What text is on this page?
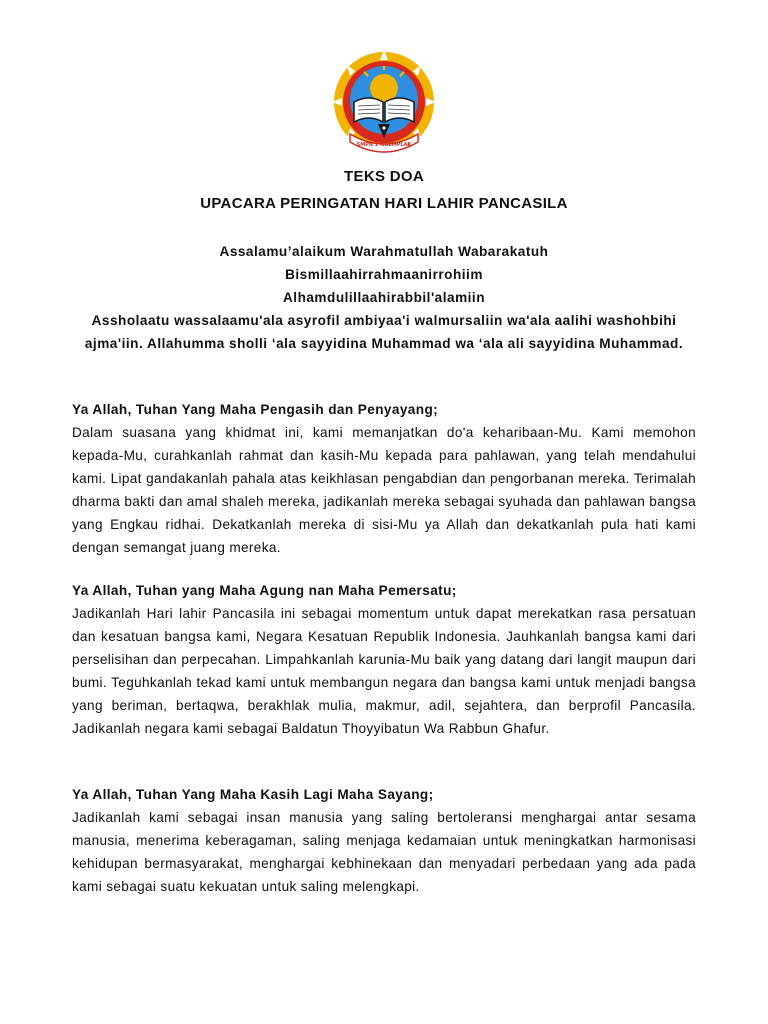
SMPN 2 NGEMPLAK
TEKS DOA
UPACARA PERINGATAN HARI LAHIR PANCASILA

Assalamu’alaikum Warahmatullah Wabarakatuh

Bismillaahirrahmaanirrohiim

Alhamdulillaahirabbil'alamiin

Assholaatu wassalaamu'ala asyrofil ambiyaa'i walmursaliin wa'ala aalihi washohbihi ajma'iin. Allahumma sholli ‘ala sayyidina Muhammad wa ‘ala ali sayyidina Muhammad.

Ya Allah, Tuhan Yang Maha Pengasih dan Penyayang;

Dalam suasana yang khidmat ini, kami memanjatkan do'a keharibaan-Mu. Kami memohon kepada-Mu, curahkanlah rahmat dan kasih-Mu kepada para pahlawan, yang telah mendahului kami. Lipat gandakanlah pahala atas keikhlasan pengabdian dan pengorbanan mereka. Terimalah dharma bakti dan amal shaleh mereka, jadikanlah mereka sebagai syuhada dan pahlawan bangsa yang Engkau ridhai. Dekatkanlah mereka di sisi-Mu ya Allah dan dekatkanlah pula hati kami dengan semangat juang mereka.

Ya Allah, Tuhan yang Maha Agung nan Maha Pemersatu;

Jadikanlah Hari lahir Pancasila ini sebagai momentum untuk dapat merekatkan rasa persatuan dan kesatuan bangsa kami, Negara Kesatuan Republik Indonesia. Jauhkanlah bangsa kami dari perselisihan dan perpecahan. Limpahkanlah karunia-Mu baik yang datang dari langit maupun dari bumi. Teguhkanlah tekad kami untuk membangun negara dan bangsa kami untuk menjadi bangsa yang beriman, bertaqwa, berakhlak mulia, makmur, adil, sejahtera, dan berprofil Pancasila. Jadikanlah negara kami sebagai Baldatun Thoyyibatun Wa Rabbun Ghafur.

Ya Allah, Tuhan Yang Maha Kasih Lagi Maha Sayang;

Jadikanlah kami sebagai insan manusia yang saling bertoleransi menghargai antar sesama manusia, menerima keberagaman, saling menjaga kedamaian untuk meningkatkan harmonisasi kehidupan bermasyarakat, menghargai kebhinekaan dan menyadari perbedaan yang ada pada kami sebagai suatu kekuatan untuk saling melengkapi.
